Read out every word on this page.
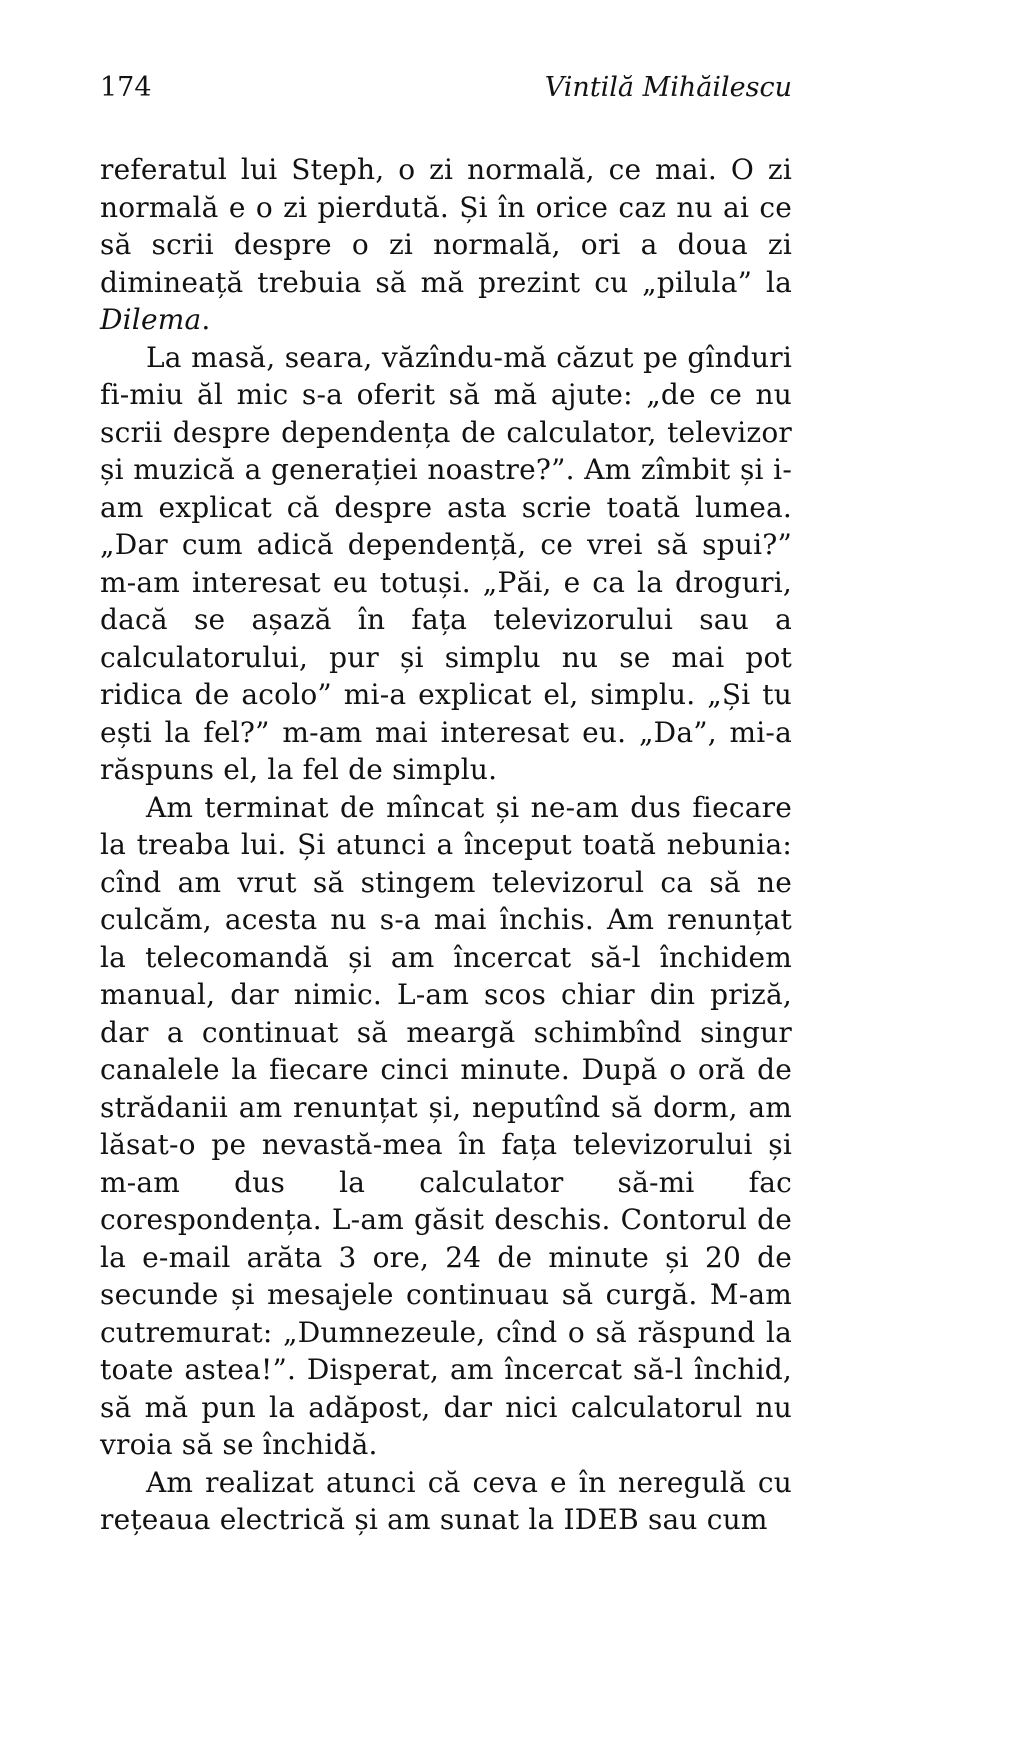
174	Vintilă Mihăilescu

referatul lui Steph, o zi normală, ce mai. O zi normală e o zi pierdută. Și în orice caz nu ai ce să scrii despre o zi normală, ori a doua zi dimineață trebuia să mă prezint cu „pilula” la Dilema.

La masă, seara, văzîndu-mă căzut pe gînduri fi-miu ăl mic s-a oferit să mă ajute: „de ce nu scrii despre dependența de calculator, televizor și muzică a generației noastre?”. Am zîmbit și i-am explicat că despre asta scrie toată lumea. „Dar cum adică dependență, ce vrei să spui?” m-am interesat eu totuși. „Păi, e ca la droguri, dacă se așază în fața televizorului sau a calculatorului, pur și simplu nu se mai pot ridica de acolo” mi-a explicat el, simplu. „Și tu ești la fel?” m-am mai interesat eu. „Da”, mi-a răspuns el, la fel de simplu.

Am terminat de mîncat și ne-am dus fiecare la treaba lui. Și atunci a început toată nebunia: cînd am vrut să stingem televizorul ca să ne culcăm, acesta nu s-a mai închis. Am renunțat la telecomandă și am încercat să-l închidem manual, dar nimic. L-am scos chiar din priză, dar a continuat să meargă schimbînd singur canalele la fiecare cinci minute. După o oră de strădanii am renunțat și, neputînd să dorm, am lăsat-o pe nevastă-mea în fața televizorului și m-am dus la calculator să-mi fac corespondența. L-am găsit deschis. Contorul de la e-mail arăta 3 ore, 24 de minute și 20 de secunde și mesajele continuau să curgă. M-am cutremurat: „Dumnezeule, cînd o să răspund la toate astea!”. Disperat, am încercat să-l închid, să mă pun la adăpost, dar nici calculatorul nu vroia să se închidă.

Am realizat atunci că ceva e în neregulă cu rețeaua electrică și am sunat la IDEB sau cum
